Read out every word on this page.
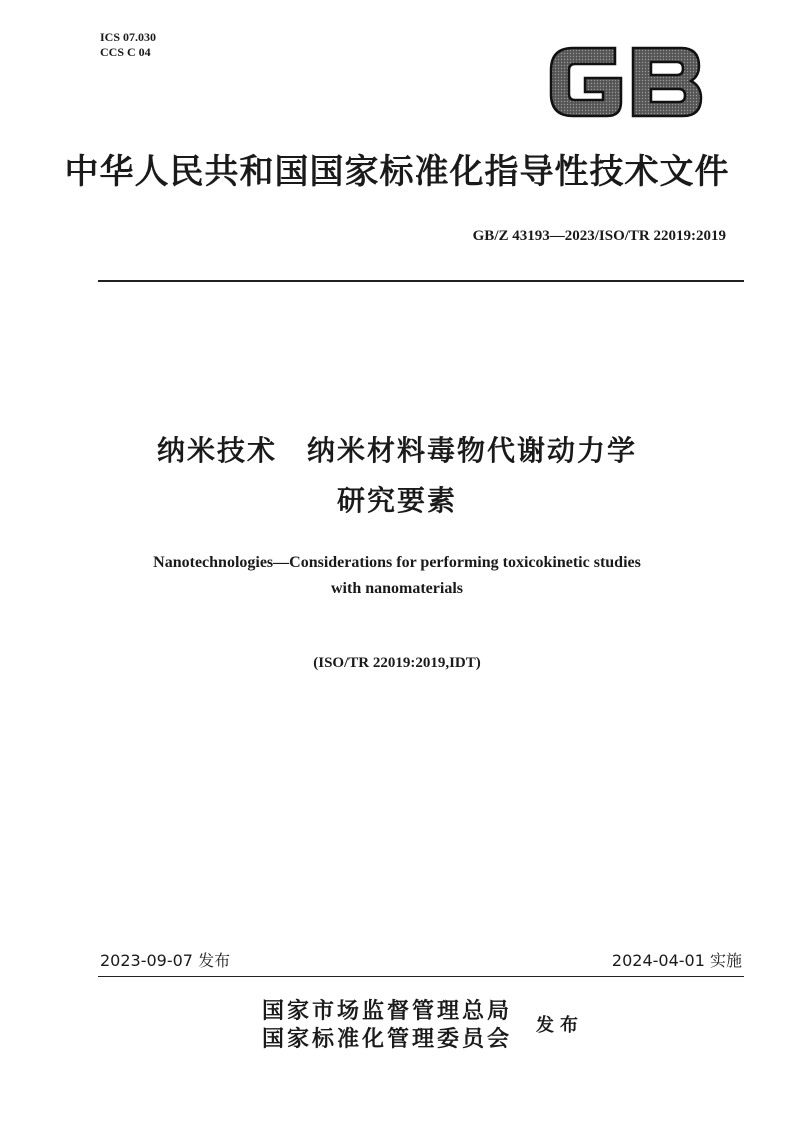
ICS 07.030
CCS C 04
中华人民共和国国家标准化指导性技术文件
GB/Z 43193—2023/ISO/TR 22019:2019
纳米技术　纳米材料毒物代谢动力学
研究要素
Nanotechnologies—Considerations for performing toxicokinetic studies
with nanomaterials
(ISO/TR 22019:2019,IDT)
2023-09-07 发布	2024-04-01 实施
国家市场监督管理总局
国家标准化管理委员会
发布
